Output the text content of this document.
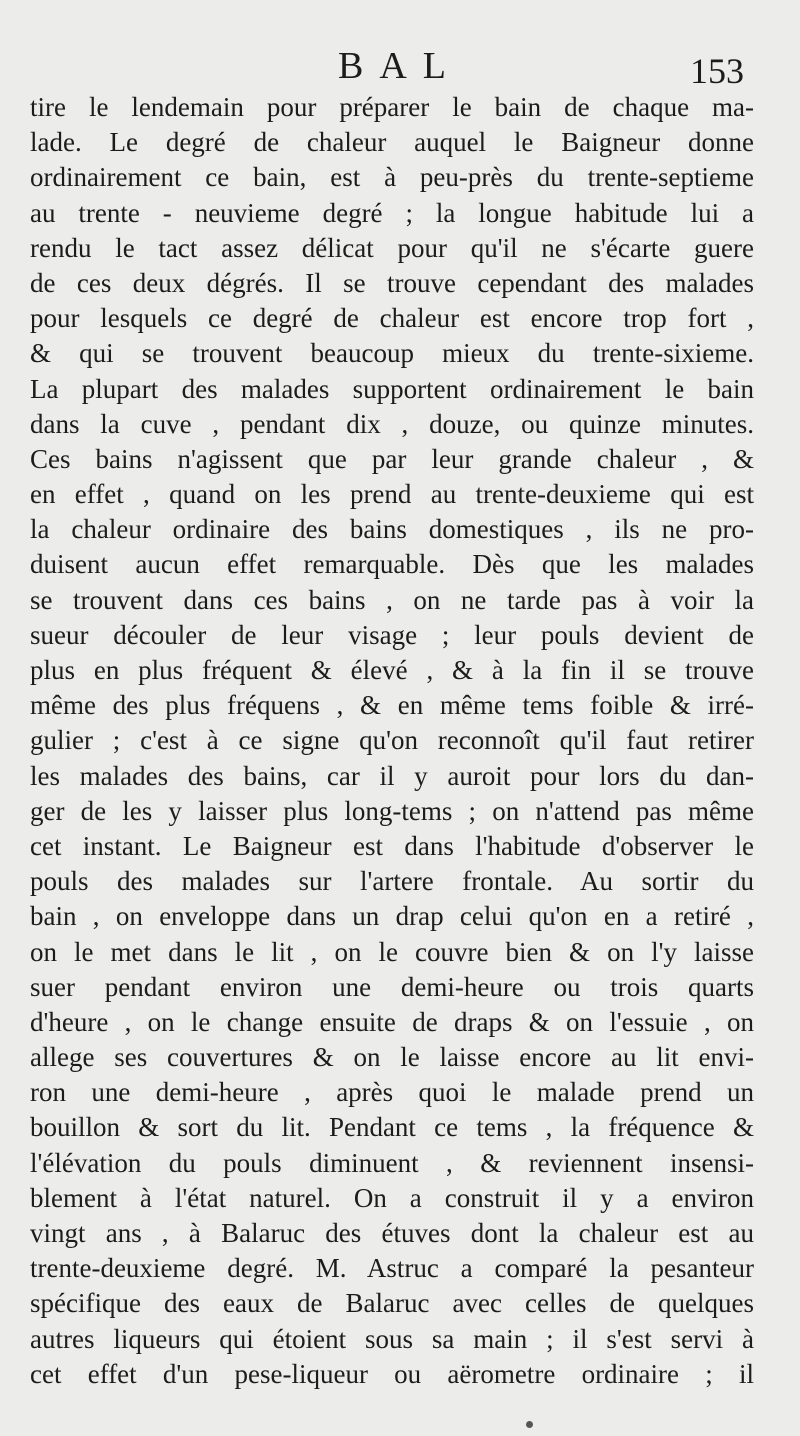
BAL	153
tire le lendemain pour préparer le bain de chaque ma-
lade. Le degré de chaleur auquel le Baigneur donne
ordinairement ce bain, est à peu-près du trente-septieme
au trente - neuvieme degré ; la longue habitude lui a
rendu le tact assez délicat pour qu'il ne s'écarte guere
de ces deux dégrés. Il se trouve cependant des malades
pour lesquels ce degré de chaleur est encore trop fort ,
& qui se trouvent beaucoup mieux du trente-sixieme.
La plupart des malades supportent ordinairement le bain
dans la cuve , pendant dix , douze, ou quinze minutes.
Ces bains n'agissent que par leur grande chaleur , &
en effet , quand on les prend au trente-deuxieme qui est
la chaleur ordinaire des bains domestiques , ils ne pro-
duisent aucun effet remarquable. Dès que les malades
se trouvent dans ces bains , on ne tarde pas à voir la
sueur découler de leur visage ; leur pouls devient de
plus en plus fréquent & élevé , & à la fin il se trouve
même des plus fréquens , & en même tems foible & irré-
gulier ; c'est à ce signe qu'on reconnoît qu'il faut retirer
les malades des bains, car il y auroit pour lors du dan-
ger de les y laisser plus long-tems ; on n'attend pas même
cet instant. Le Baigneur est dans l'habitude d'observer le
pouls des malades sur l'artere frontale. Au sortir du
bain , on enveloppe dans un drap celui qu'on en a retiré ,
on le met dans le lit , on le couvre bien & on l'y laisse
suer pendant environ une demi-heure ou trois quarts
d'heure , on le change ensuite de draps & on l'essuie , on
allege ses couvertures & on le laisse encore au lit envi-
ron une demi-heure , après quoi le malade prend un
bouillon & sort du lit. Pendant ce tems , la fréquence &
l'élévation du pouls diminuent , & reviennent insensi-
blement à l'état naturel. On a construit il y a environ
vingt ans , à Balaruc des étuves dont la chaleur est au
trente-deuxieme degré. M. Astruc a comparé la pesanteur
spécifique des eaux de Balaruc avec celles de quelques
autres liqueurs qui étoient sous sa main ; il s'est servi à
cet effet d'un pese-liqueur ou aërometre ordinaire ; il
